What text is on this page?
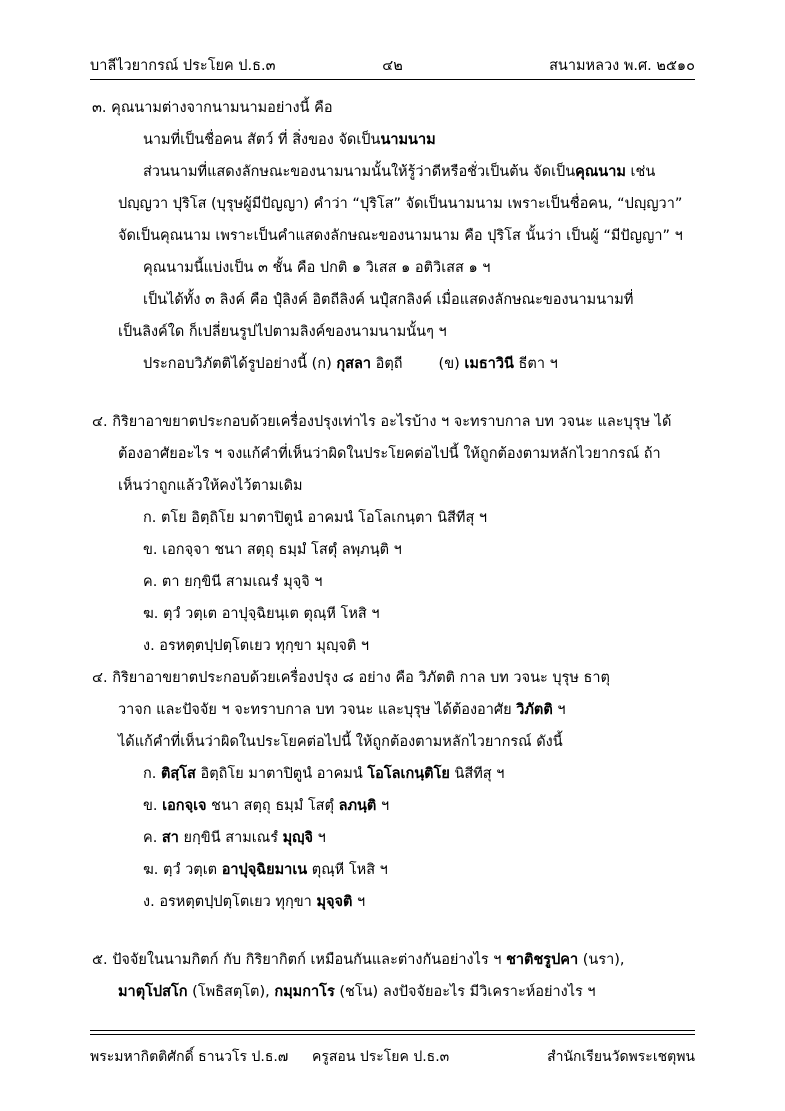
บาลีไวยากรณ์ ประโยค ป.ธ.๓	๔๒	สนามหลวง พ.ศ. ๒๕๑๐
๓. คุณนามต่างจากนามนามอย่างนี้ คือ
นามที่เป็นชื่อคน สัตว์ ที่ สิ่งของ จัดเป็นนามนาม
ส่วนนามที่แสดงลักษณะของนามนามนั้นให้รู้ว่าดีหรือชั่วเป็นต้น จัดเป็นคุณนาม เช่น
ปญฺญวา ปุริโส (บุรุษผู้มีปัญญา) คำว่า “ปุริโส” จัดเป็นนามนาม เพราะเป็นชื่อคน, “ปญฺญวา”
จัดเป็นคุณนาม เพราะเป็นคำแสดงลักษณะของนามนาม คือ ปุริโส นั้นว่า เป็นผู้ “มีปัญญา” ฯ
คุณนามนี้แบ่งเป็น ๓ ชั้น คือ ปกติ ๑ วิเสส ๑ อติวิเสส ๑ ฯ
เป็นได้ทั้ง ๓ ลิงค์ คือ ปุํลิงค์ อิตถีลิงค์ นปุํสกลิงค์ เมื่อแสดงลักษณะของนามนามที่
เป็นลิงค์ใด ก็เปลี่ยนรูปไปตามลิงค์ของนามนามนั้นๆ ฯ
ประกอบวิภัตติได้รูปอย่างนี้ (ก) กุสลา อิตฺถี (ข) เมธาวินี ธีตา ฯ
๔. กิริยาอาขยาตประกอบด้วยเครื่องปรุงเท่าไร อะไรบ้าง ฯ จะทราบกาล บท วจนะ และบุรุษ ได้
ต้องอาศัยอะไร ฯ จงแก้คำที่เห็นว่าผิดในประโยคต่อไปนี้ ให้ถูกต้องตามหลักไวยากรณ์ ถ้า
เห็นว่าถูกแล้วให้คงไว้ตามเดิม
ก. ตโย อิตฺถิโย มาตาปิตูนํ อาคมนํ โอโลเกนฺตา นิสีทีสุ ฯ
ข. เอกจฺจา ชนา สตฺถุ ธมฺมํ โสตุํ ลพฺภนฺติ ฯ
ค. ตา ยกฺขินี สามเณรํ มุจฺจิ ฯ
ฆ. ตฺวํ วตฺเต อาปุจฺฉิยนฺเต ตุณฺหี โหสิ ฯ
ง. อรหตฺตปฺปตฺโตเยว ทุกฺขา มุญฺจติ ฯ
๔. กิริยาอาขยาตประกอบด้วยเครื่องปรุง ๘ อย่าง คือ วิภัตติ กาล บท วจนะ บุรุษ ธาตุ
วาจก และปัจจัย ฯ จะทราบกาล บท วจนะ และบุรุษ ได้ต้องอาศัย วิภัตติ ฯ
ได้แก้คำที่เห็นว่าผิดในประโยคต่อไปนี้ ให้ถูกต้องตามหลักไวยากรณ์ ดังนี้
ก. ติสฺโส อิตฺถิโย มาตาปิตูนํ อาคมนํ โอโลเกนฺติโย นิสีทีสุ ฯ
ข. เอกจฺเจ ชนา สตฺถุ ธมฺมํ โสตุํ ลภนฺติ ฯ
ค. สา ยกฺขินี สามเณรํ มุญฺจิ ฯ
ฆ. ตฺวํ วตฺเต อาปุจฺฉิยมาเน ตุณฺหี โหสิ ฯ
ง. อรหตฺตปฺปตฺโตเยว ทุกฺขา มุจฺจติ ฯ
๕. ปัจจัยในนามกิตก์ กับ กิริยากิตก์ เหมือนกันและต่างกันอย่างไร ฯ ชาติชรูปคา (นรา),
มาตุโปสโก (โพธิสตฺโต), กมฺมกาโร (ชโน) ลงปัจจัยอะไร มีวิเคราะห์อย่างไร ฯ
พระมหากิตติศักดิ์ ธานวโร ป.ธ.๗ ครูสอน ประโยค ป.ธ.๓	สำนักเรียนวัดพระเชตุพน
